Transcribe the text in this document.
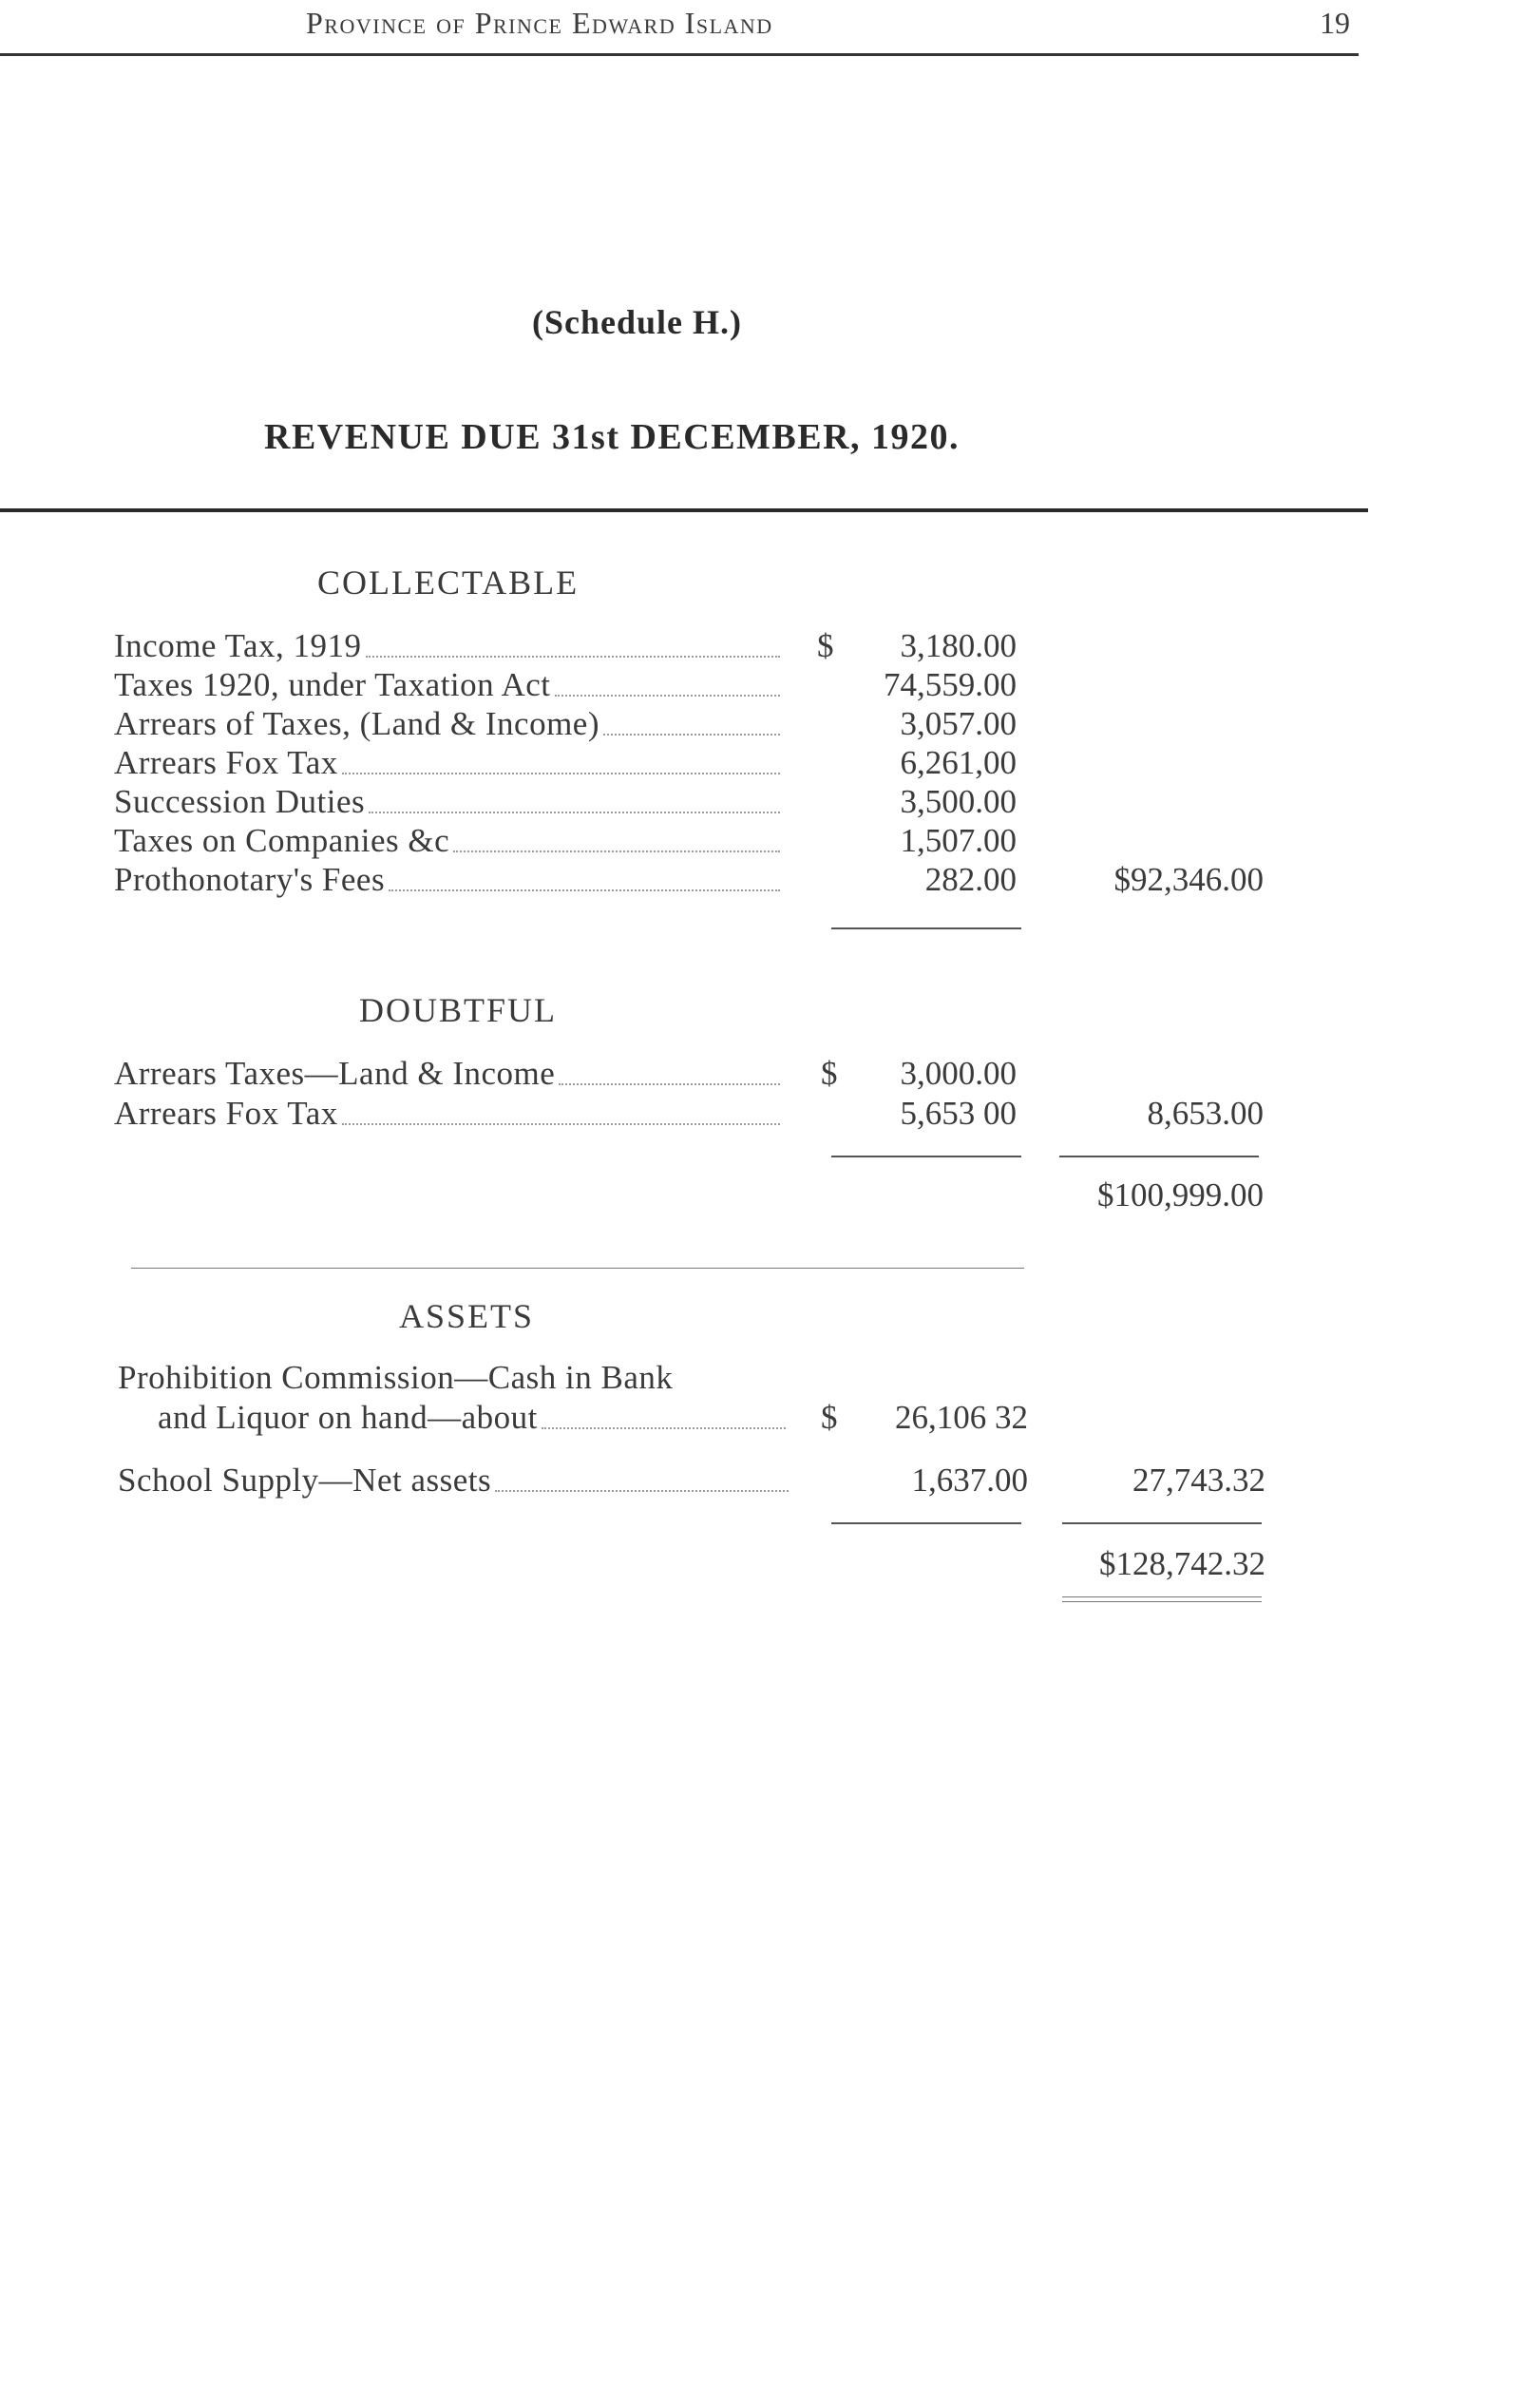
Province of Prince Edward Island	19
(Schedule H.)
REVENUE DUE 31st DECEMBER, 1920.
COLLECTABLE
Income Tax, 1919	$	3,180.00
Taxes 1920, under Taxation Act	74,559.00
Arrears of Taxes, (Land & Income)	3,057.00
Arrears Fox Tax	6,261,00
Succession Duties	3,500.00
Taxes on Companies &c	1,507.00
Prothonotary's Fees	282.00	$92,346.00
DOUBTFUL
Arrears Taxes—Land & Income	$	3,000.00
Arrears Fox Tax	5,653 00	8,653.00
$100,999.00
ASSETS
Prohibition Commission—Cash in Bank
and Liquor on hand—about	$	26,106 32
School Supply—Net assets	1,637.00	27,743.32
$128,742.32
